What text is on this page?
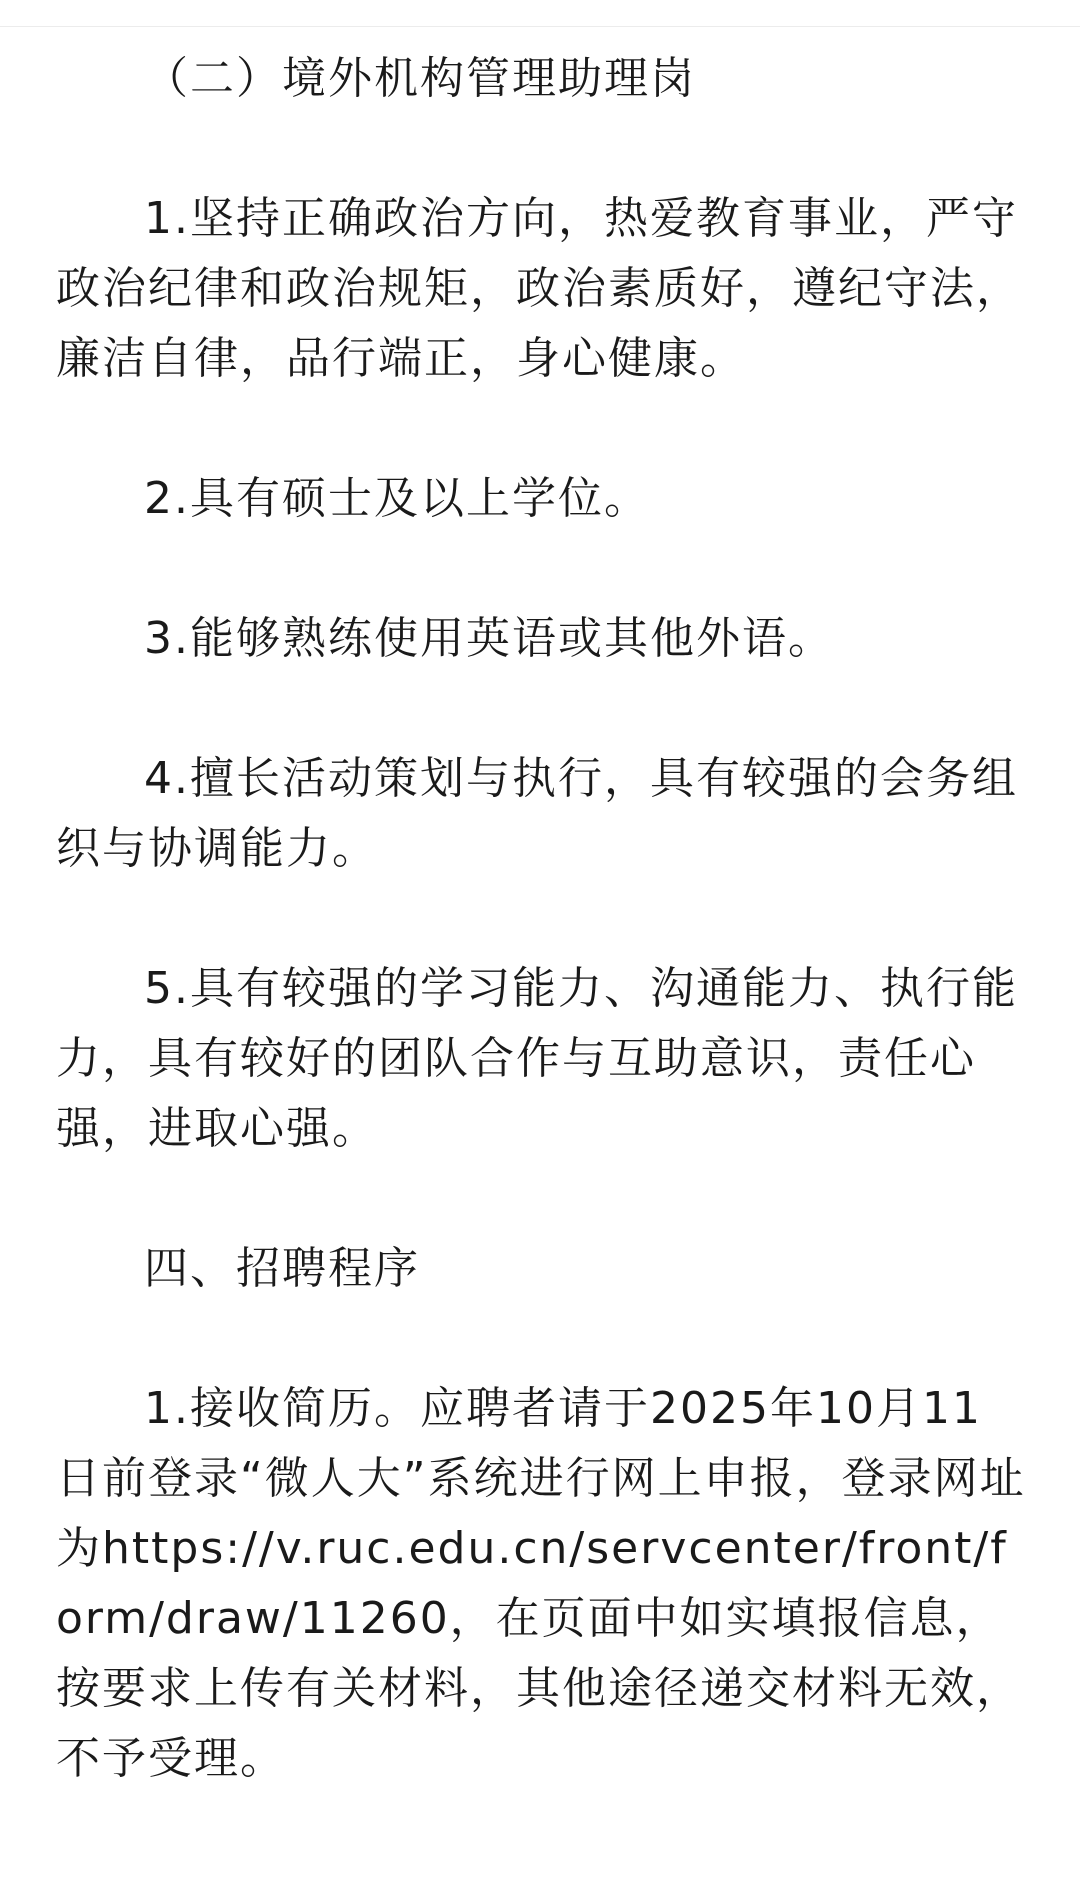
（二）境外机构管理助理岗

1.坚持正确政治方向，热爱教育事业，严守政治纪律和政治规矩，政治素质好，遵纪守法，廉洁自律，品行端正，身心健康。

2.具有硕士及以上学位。

3.能够熟练使用英语或其他外语。

4.擅长活动策划与执行，具有较强的会务组织与协调能力。

5.具有较强的学习能力、沟通能力、执行能力，具有较好的团队合作与互助意识，责任心强，进取心强。

四、招聘程序

1.接收简历。应聘者请于2025年10月11日前登录“微人大”系统进行网上申报，登录网址为https://v.ruc.edu.cn/servcenter/front/form/draw/11260，在页面中如实填报信息，按要求上传有关材料，其他途径递交材料无效，不予受理。
